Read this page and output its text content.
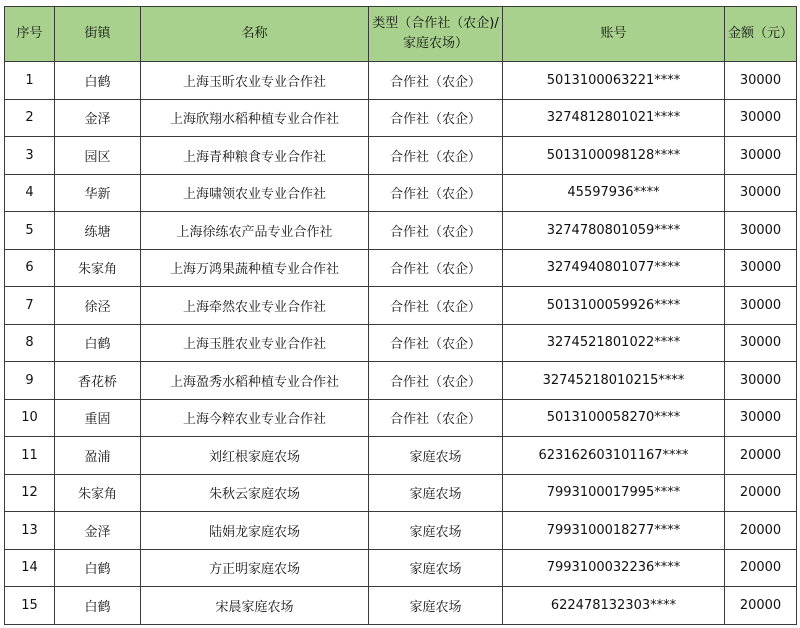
序号	街镇	名称	类型（合作社（农企)/家庭农场）	账号	金额（元）
1	白鹤	上海玉昕农业专业合作社	合作社（农企）	5013100063221****	30000
2	金泽	上海欣翔水稻种植专业合作社	合作社（农企）	3274812801021****	30000
3	园区	上海青种粮食专业合作社	合作社（农企）	5013100098128****	30000
4	华新	上海啸领农业专业合作社	合作社（农企）	45597936****	30000
5	练塘	上海徐练农产品专业合作社	合作社（农企）	3274780801059****	30000
6	朱家角	上海万鸿果蔬种植专业合作社	合作社（农企）	3274940801077****	30000
7	徐泾	上海牵然农业专业合作社	合作社（农企）	5013100059926****	30000
8	白鹤	上海玉胜农业专业合作社	合作社（农企）	3274521801022****	30000
9	香花桥	上海盈秀水稻种植专业合作社	合作社（农企）	32745218010215****	30000
10	重固	上海今粹农业专业合作社	合作社（农企）	5013100058270****	30000
11	盈浦	刘红根家庭农场	家庭农场	623162603101167****	20000
12	朱家角	朱秋云家庭农场	家庭农场	7993100017995****	20000
13	金泽	陆娟龙家庭农场	家庭农场	7993100018277****	20000
14	白鹤	方正明家庭农场	家庭农场	7993100032236****	20000
15	白鹤	宋晨家庭农场	家庭农场	622478132303****	20000
